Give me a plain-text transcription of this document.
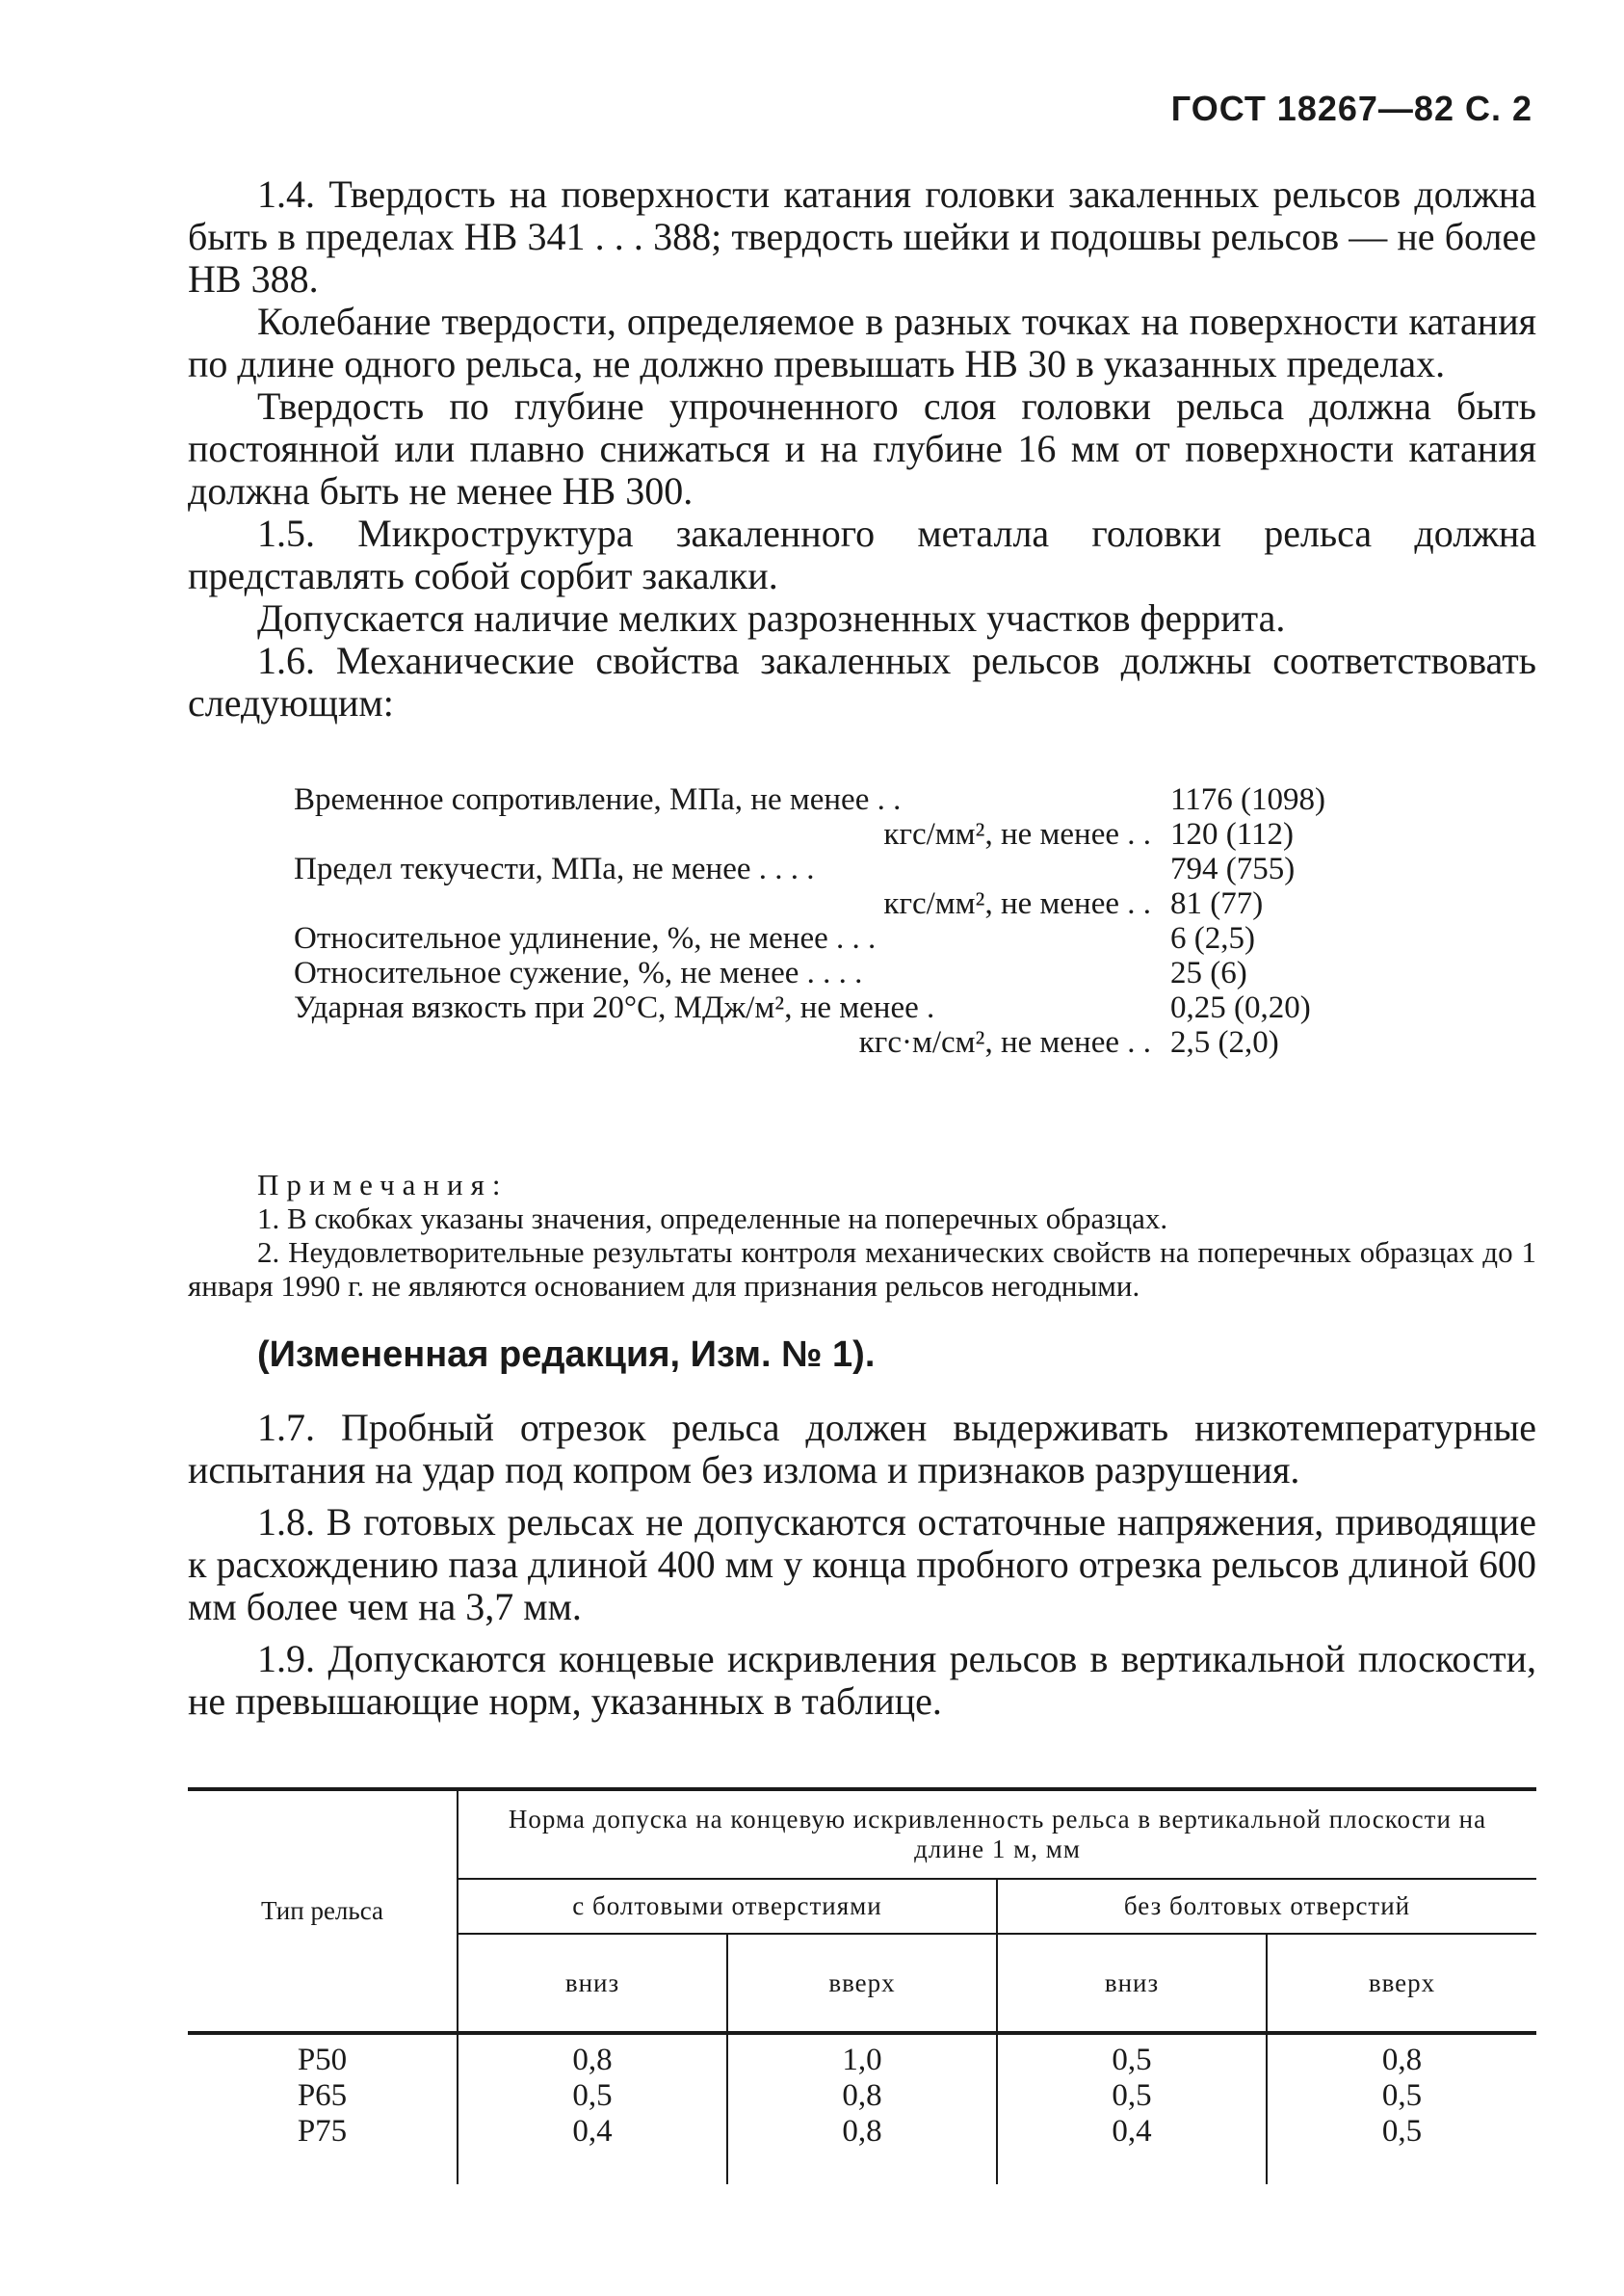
ГОСТ 18267—82 С. 2

1.4. Твердость на поверхности катания головки закаленных рельсов должна быть в пределах НВ 341 . . . 388; твердость шейки и подошвы рельсов — не более НВ 388.

Колебание твердости, определяемое в разных точках на поверхности катания по длине одного рельса, не должно превышать НВ 30 в указанных пределах.

Твердость по глубине упрочненного слоя головки рельса должна быть постоянной или плавно снижаться и на глубине 16 мм от поверхности катания должна быть не менее НВ 300.

1.5. Микроструктура закаленного металла головки рельса должна представлять собой сорбит закалки.

Допускается наличие мелких разрозненных участков феррита.

1.6. Механические свойства закаленных рельсов должны соответствовать следующим:

Временное сопротивление, МПа, не менее . .	1176 (1098)
кгс/мм², не менее . . 120 (112)
Предел текучести, МПа, не менее . . . .	794 (755)
кгс/мм², не менее . . 81 (77)
Относительное удлинение, %, не менее . . .	6 (2,5)
Относительное сужение, %, не менее . . . .	25 (6)
Ударная вязкость при 20°С, МДж/м², не менее .	0,25 (0,20)
кгс·м/см², не менее . . 2,5 (2,0)
Примечания:
1. В скобках указаны значения, определенные на поперечных образцах.
2. Неудовлетворительные результаты контроля механических свойств на поперечных образцах до 1 января 1990 г. не являются основанием для признания рельсов негодными.
(Измененная редакция, Изм. № 1).

1.7. Пробный отрезок рельса должен выдерживать низкотемпературные испытания на удар под копром без излома и признаков разрушения.

1.8. В готовых рельсах не допускаются остаточные напряжения, приводящие к расхождению паза длиной 400 мм у конца пробного отрезка рельсов длиной 600 мм более чем на 3,7 мм.

1.9. Допускаются концевые искривления рельсов в вертикальной плоскости, не превышающие норм, указанных в таблице.

Тип рельса	Норма допуска на концевую искривленность рельса в вертикальной плоскости на длине 1 м, мм			
	с болтовыми отверстиями		без болтовых отверстий	
	вниз	вверх	вниз	вверх

Р50	0,8	1,0	0,5	0,8
Р65	0,5	0,8	0,5	0,5
Р75	0,4	0,8	0,4	0,5
